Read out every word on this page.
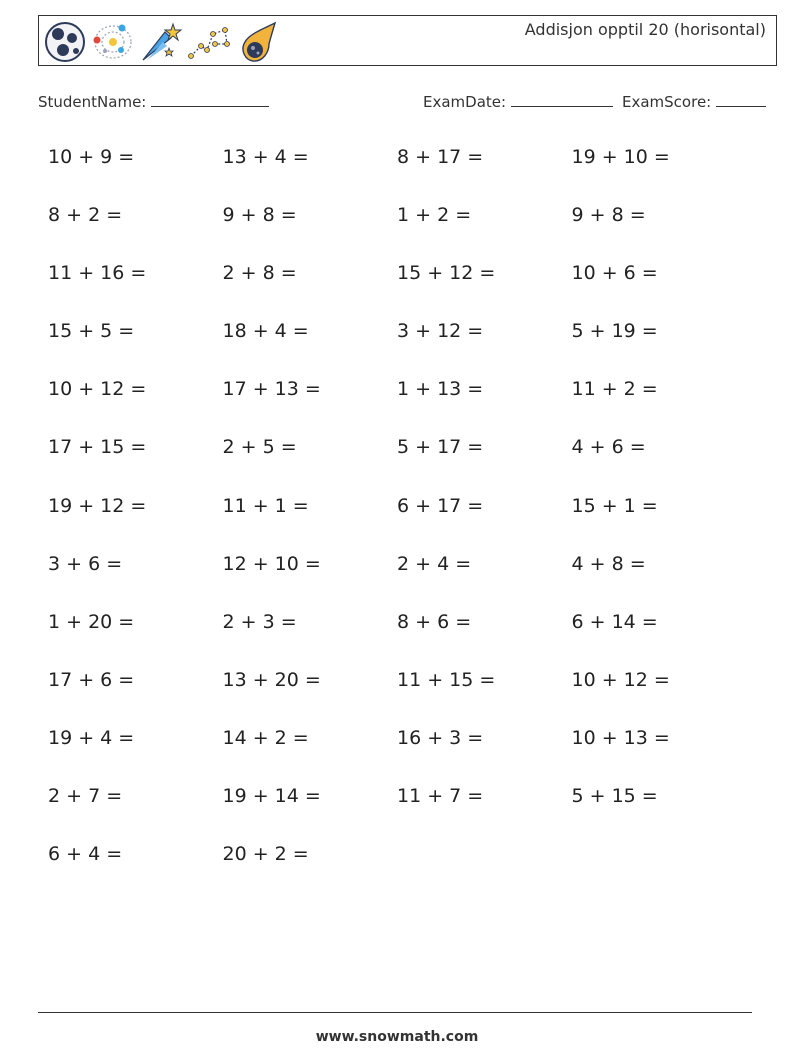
Addisjon opptil 20 (horisontal)
StudentName:	ExamDate:	ExamScore:
10 + 9 =	13 + 4 =	8 + 17 =	19 + 10 =
8 + 2 =	9 + 8 =	1 + 2 =	9 + 8 =
11 + 16 =	2 + 8 =	15 + 12 =	10 + 6 =
15 + 5 =	18 + 4 =	3 + 12 =	5 + 19 =
10 + 12 =	17 + 13 =	1 + 13 =	11 + 2 =
17 + 15 =	2 + 5 =	5 + 17 =	4 + 6 =
19 + 12 =	11 + 1 =	6 + 17 =	15 + 1 =
3 + 6 =	12 + 10 =	2 + 4 =	4 + 8 =
1 + 20 =	2 + 3 =	8 + 6 =	6 + 14 =
17 + 6 =	13 + 20 =	11 + 15 =	10 + 12 =
19 + 4 =	14 + 2 =	16 + 3 =	10 + 13 =
2 + 7 =	19 + 14 =	11 + 7 =	5 + 15 =
6 + 4 =	20 + 2 =
www.snowmath.com
